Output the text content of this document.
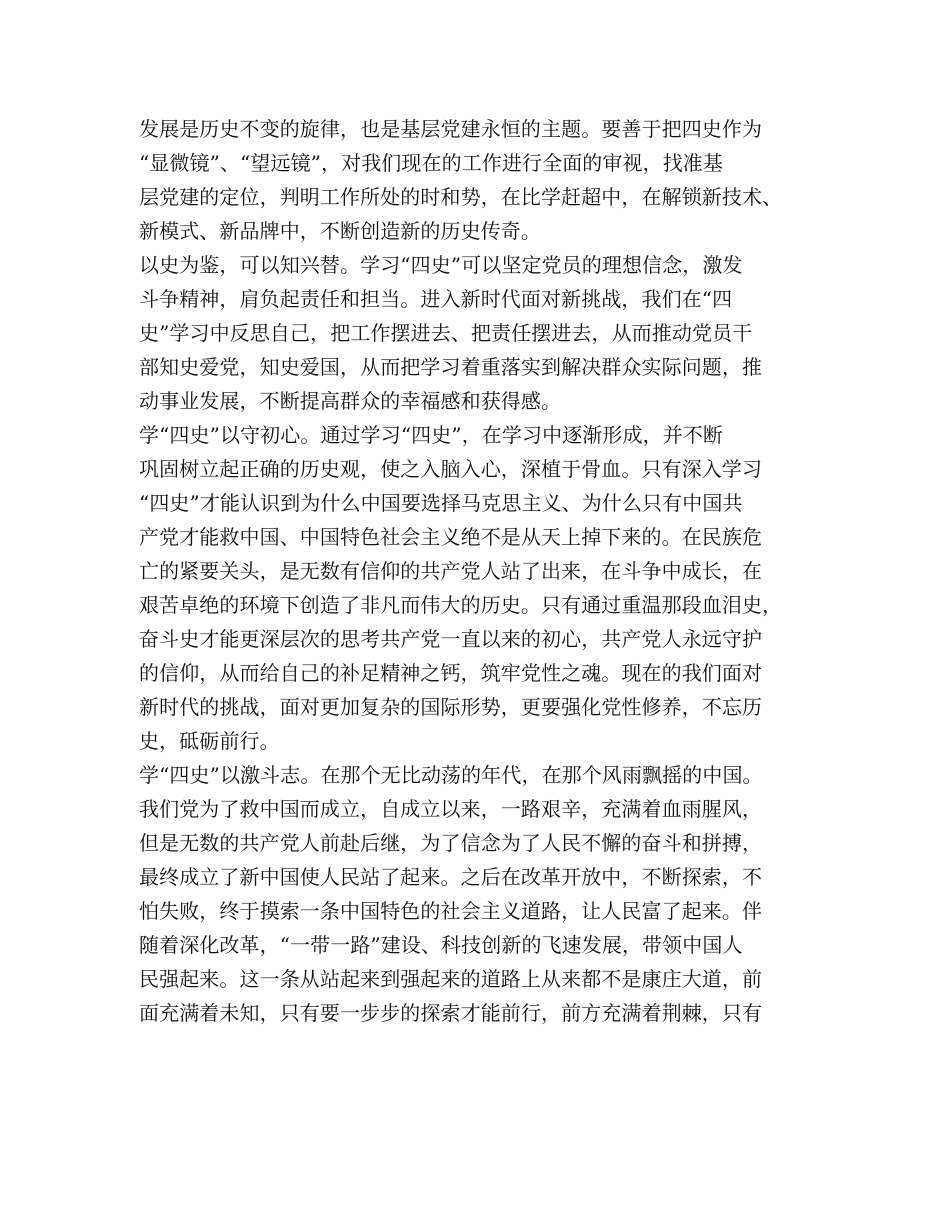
发展是历史不变的旋律，也是基层党建永恒的主题。要善于把四史作为
“显微镜”、“望远镜”，对我们现在的工作进行全面的审视，找准基
层党建的定位，判明工作所处的时和势，在比学赶超中，在解锁新技术、
新模式、新品牌中，不断创造新的历史传奇。
以史为鉴，可以知兴替。学习“四史”可以坚定党员的理想信念，激发
斗争精神，肩负起责任和担当。进入新时代面对新挑战，我们在“四
史”学习中反思自己，把工作摆进去、把责任摆进去，从而推动党员干
部知史爱党，知史爱国，从而把学习着重落实到解决群众实际问题，推
动事业发展，不断提高群众的幸福感和获得感。
学“四史”以守初心。通过学习“四史”，在学习中逐渐形成，并不断
巩固树立起正确的历史观，使之入脑入心，深植于骨血。只有深入学习
“四史”才能认识到为什么中国要选择马克思主义、为什么只有中国共
产党才能救中国、中国特色社会主义绝不是从天上掉下来的。在民族危
亡的紧要关头，是无数有信仰的共产党人站了出来，在斗争中成长，在
艰苦卓绝的环境下创造了非凡而伟大的历史。只有通过重温那段血泪史，
奋斗史才能更深层次的思考共产党一直以来的初心，共产党人永远守护
的信仰，从而给自己的补足精神之钙，筑牢党性之魂。现在的我们面对
新时代的挑战，面对更加复杂的国际形势，更要强化党性修养，不忘历
史，砥砺前行。
学“四史”以激斗志。在那个无比动荡的年代，在那个风雨飘摇的中国。
我们党为了救中国而成立，自成立以来，一路艰辛，充满着血雨腥风，
但是无数的共产党人前赴后继，为了信念为了人民不懈的奋斗和拼搏，
最终成立了新中国使人民站了起来。之后在改革开放中，不断探索，不
怕失败，终于摸索一条中国特色的社会主义道路，让人民富了起来。伴
随着深化改革，“一带一路”建设、科技创新的飞速发展，带领中国人
民强起来。这一条从站起来到强起来的道路上从来都不是康庄大道，前
面充满着未知，只有要一步步的探索才能前行，前方充满着荆棘，只有
